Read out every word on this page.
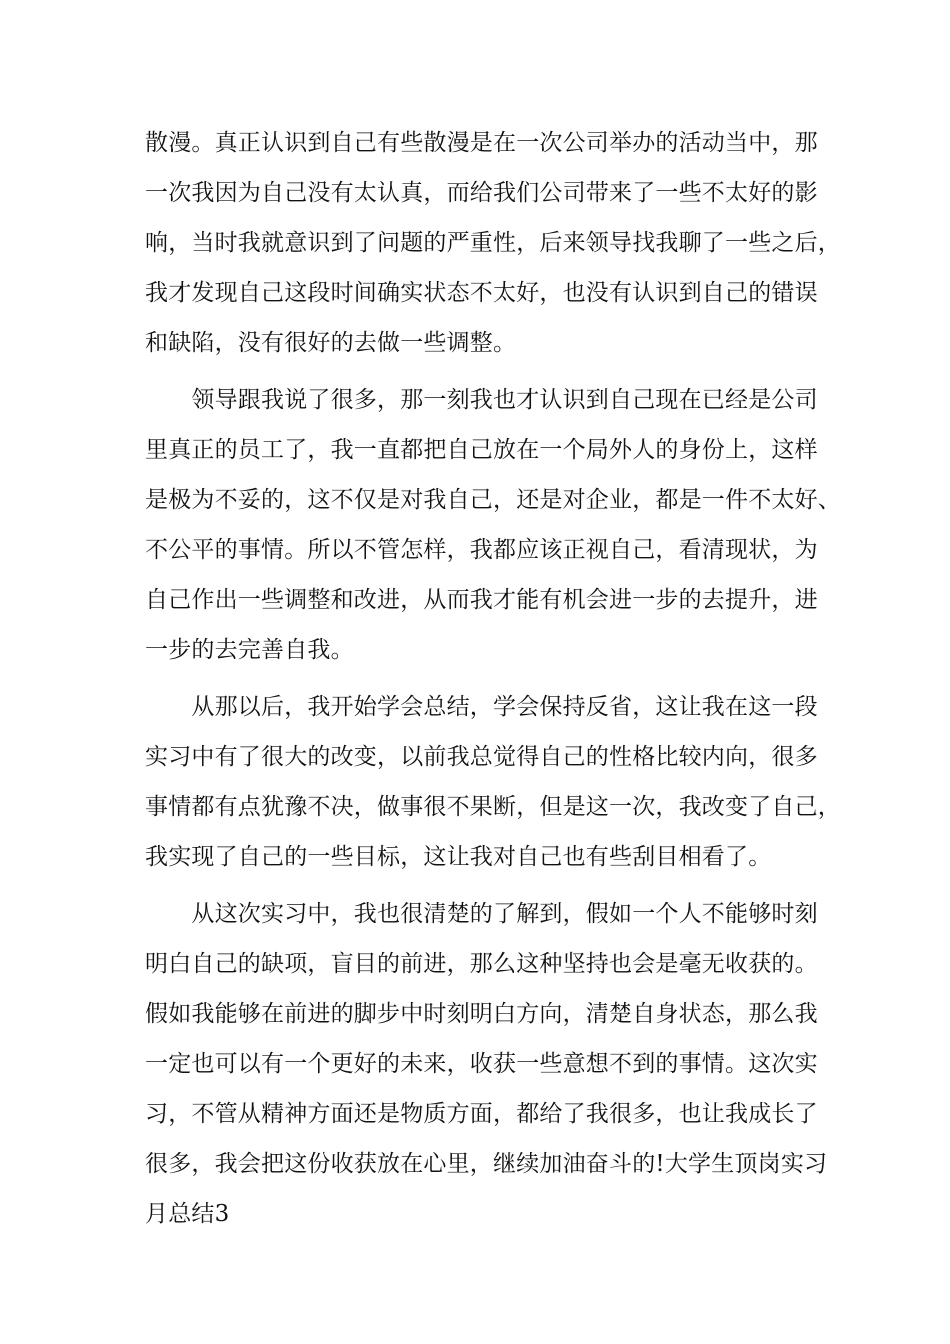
散漫。真正认识到自己有些散漫是在一次公司举办的活动当中，那
一次我因为自己没有太认真，而给我们公司带来了一些不太好的影
响，当时我就意识到了问题的严重性，后来领导找我聊了一些之后，
我才发现自己这段时间确实状态不太好，也没有认识到自己的错误
和缺陷，没有很好的去做一些调整。
　　领导跟我说了很多，那一刻我也才认识到自己现在已经是公司
里真正的员工了，我一直都把自己放在一个局外人的身份上，这样
是极为不妥的，这不仅是对我自己，还是对企业，都是一件不太好、
不公平的事情。所以不管怎样，我都应该正视自己，看清现状，为
自己作出一些调整和改进，从而我才能有机会进一步的去提升，进
一步的去完善自我。
　　从那以后，我开始学会总结，学会保持反省，这让我在这一段
实习中有了很大的改变，以前我总觉得自己的性格比较内向，很多
事情都有点犹豫不决，做事很不果断，但是这一次，我改变了自己，
我实现了自己的一些目标，这让我对自己也有些刮目相看了。
　　从这次实习中，我也很清楚的了解到，假如一个人不能够时刻
明白自己的缺项，盲目的前进，那么这种坚持也会是毫无收获的。
假如我能够在前进的脚步中时刻明白方向，清楚自身状态，那么我
一定也可以有一个更好的未来，收获一些意想不到的事情。这次实
习，不管从精神方面还是物质方面，都给了我很多，也让我成长了
很多，我会把这份收获放在心里，继续加油奋斗的!大学生顶岗实习
月总结3
